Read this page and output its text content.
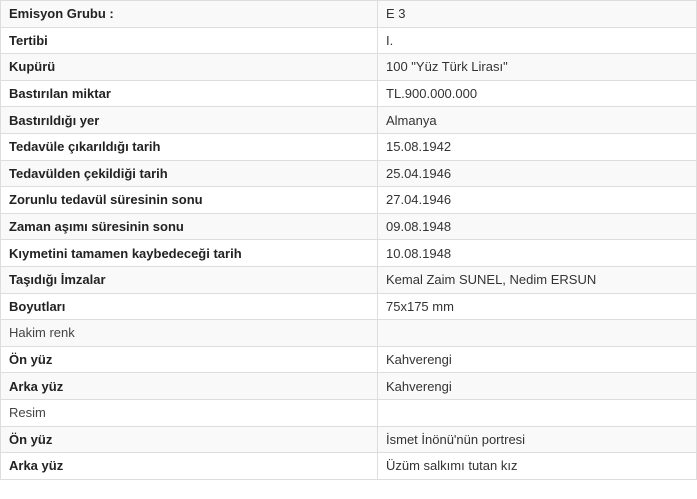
Emisyon Grubu :	E 3
Tertibi	I.
Kupürü	100 "Yüz Türk Lirası"
Bastırılan miktar	TL.900.000.000
Bastırıldığı yer	Almanya
Tedavüle çıkarıldığı tarih	15.08.1942
Tedavülden çekildiği tarih	25.04.1946
Zorunlu tedavül süresinin sonu	27.04.1946
Zaman aşımı süresinin sonu	09.08.1948
Kıymetini tamamen kaybedeceği tarih	10.08.1948
Taşıdığı İmzalar	Kemal Zaim SUNEL, Nedim ERSUN
Boyutları	75x175 mm
Hakim renk	
Ön yüz	Kahverengi
Arka yüz	Kahverengi
Resim	
Ön yüz	İsmet İnönü'nün portresi
Arka yüz	Üzüm salkımı tutan kız
